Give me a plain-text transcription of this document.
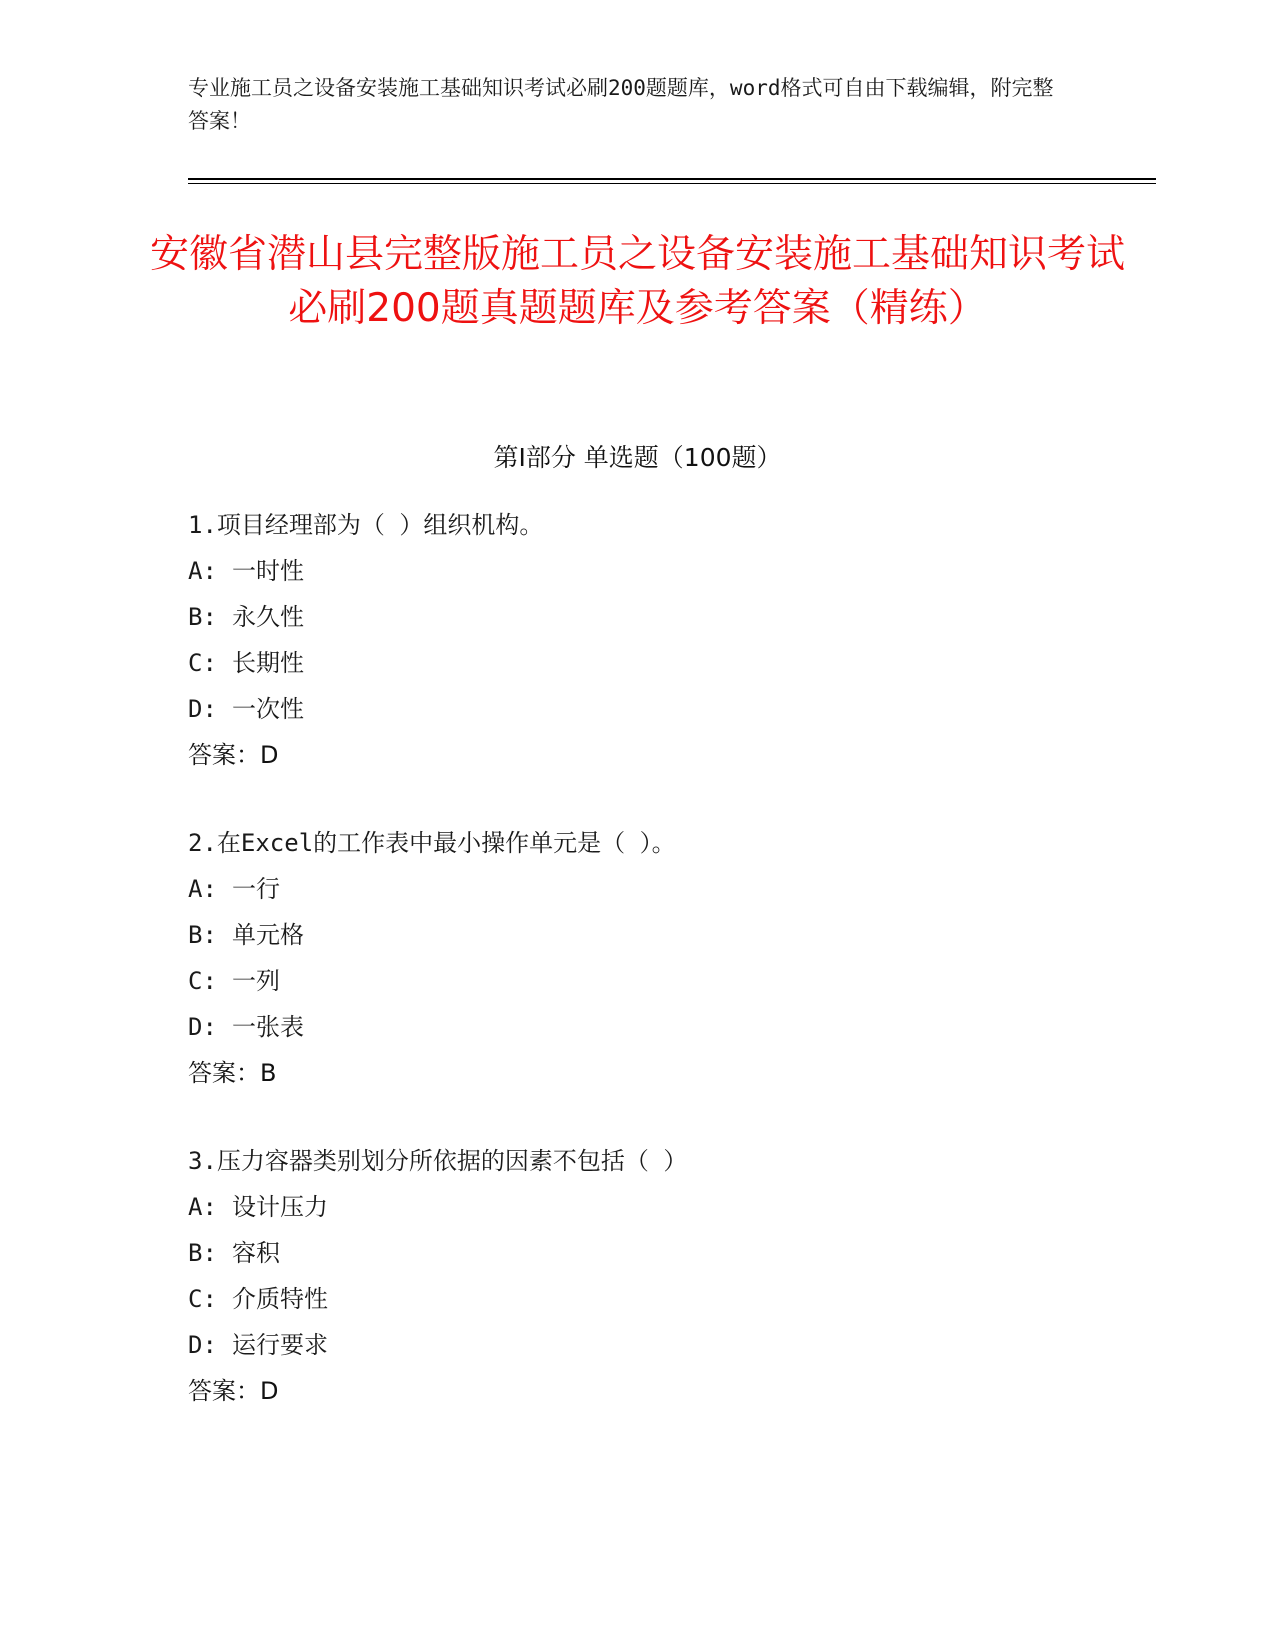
专业施工员之设备安装施工基础知识考试必刷200题题库，word格式可自由下载编辑，附完整答案！
安徽省潜山县完整版施工员之设备安装施工基础知识考试必刷200题真题题库及参考答案（精练）
第Ⅰ部分 单选题（100题）
1.项目经理部为（ ）组织机构。
A: 一时性
B: 永久性
C: 长期性
D: 一次性
答案：D
2.在Excel的工作表中最小操作单元是（ ）。
A: 一行
B: 单元格
C: 一列
D: 一张表
答案：B
3.压力容器类别划分所依据的因素不包括（ ）
A: 设计压力
B: 容积
C: 介质特性
D: 运行要求
答案：D
